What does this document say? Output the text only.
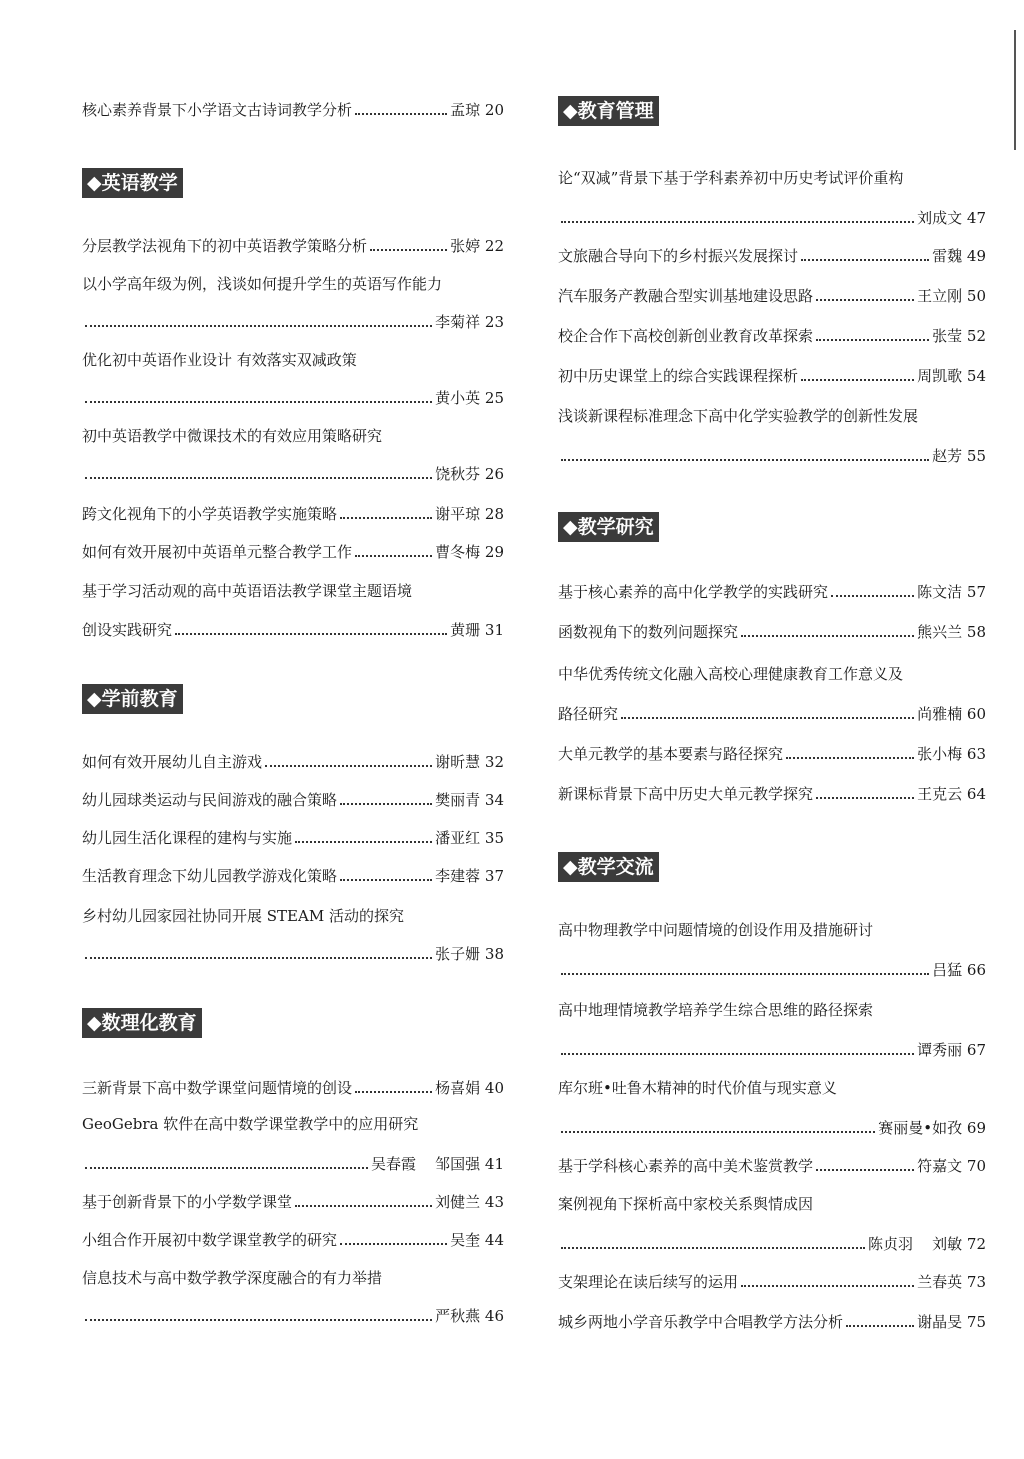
核心素养背景下小学语文古诗词教学分析	孟琼 20
◆英语教学
分层教学法视角下的初中英语教学策略分析	张婷 22
以小学高年级为例，浅谈如何提升学生的英语写作能力
李菊祥 23
优化初中英语作业设计 有效落实双减政策
黄小英 25
初中英语教学中微课技术的有效应用策略研究
饶秋芬 26
跨文化视角下的小学英语教学实施策略	谢平琼 28
如何有效开展初中英语单元整合教学工作	曹冬梅 29
基于学习活动观的高中英语语法教学课堂主题语境
创设实践研究	黄珊 31
◆学前教育
如何有效开展幼儿自主游戏	谢昕慧 32
幼儿园球类运动与民间游戏的融合策略	樊丽青 34
幼儿园生活化课程的建构与实施	潘亚红 35
生活教育理念下幼儿园教学游戏化策略	李建蓉 37
乡村幼儿园家园社协同开展 STEAM 活动的探究
张子姗 38
◆数理化教育
三新背景下高中数学课堂问题情境的创设	杨喜娟 40
GeoGebra 软件在高中数学课堂教学中的应用研究
吴春霞    邹国强 41
基于创新背景下的小学数学课堂	刘健兰 43
小组合作开展初中数学课堂教学的研究	吴奎 44
信息技术与高中数学教学深度融合的有力举措
严秋燕 46
◆教育管理
论“双减”背景下基于学科素养初中历史考试评价重构
刘成文 47
文旅融合导向下的乡村振兴发展探讨	雷魏 49
汽车服务产教融合型实训基地建设思路	王立刚 50
校企合作下高校创新创业教育改革探索	张莹 52
初中历史课堂上的综合实践课程探析	周凯歌 54
浅谈新课程标准理念下高中化学实验教学的创新性发展
赵芳 55
◆教学研究
基于核心素养的高中化学教学的实践研究	陈文洁 57
函数视角下的数列问题探究	熊兴兰 58
中华优秀传统文化融入高校心理健康教育工作意义及
路径研究	尚雅楠 60
大单元教学的基本要素与路径探究	张小梅 63
新课标背景下高中历史大单元教学探究	王克云 64
◆教学交流
高中物理教学中问题情境的创设作用及措施研讨
吕猛 66
高中地理情境教学培养学生综合思维的路径探索
谭秀丽 67
库尔班•吐鲁木精神的时代价值与现实意义
赛丽曼•如孜 69
基于学科核心素养的高中美术鉴赏教学	符嘉文 70
案例视角下探析高中家校关系舆情成因
陈贞羽    刘敏 72
支架理论在读后续写的运用	兰春英 73
城乡两地小学音乐教学中合唱教学方法分析	谢晶旻 75
